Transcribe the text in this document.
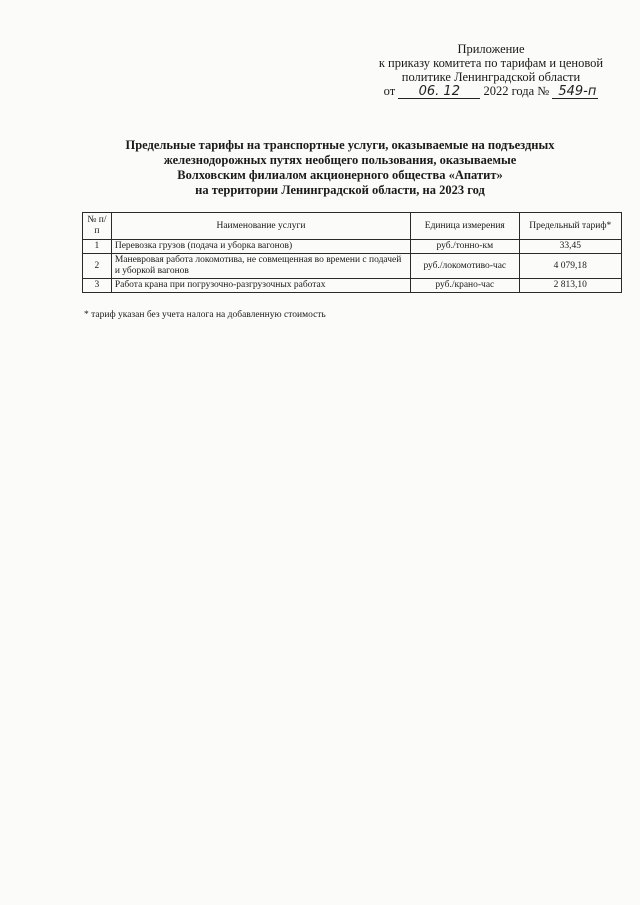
Приложение
к приказу комитета по тарифам и ценовой
политике Ленинградской области
от 06. 12 2022 года № 549-п
Предельные тарифы на транспортные услуги, оказываемые на подъездных
железнодорожных путях необщего пользования, оказываемые
Волховским филиалом акционерного общества «Апатит»
на территории Ленинградской области, на 2023 год
№ п/п	Наименование услуги	Единица измерения	Предельный тариф*
1	Перевозка грузов (подача и уборка вагонов)	руб./тонно-км	33,45
2	Маневровая работа локомотива, не совмещенная во времени с подачей и уборкой вагонов	руб./локомотиво-час	4 079,18
3	Работа крана при погрузочно-разгрузочных работах	руб./крано-час	2 813,10
* тариф указан без учета налога на добавленную стоимость
